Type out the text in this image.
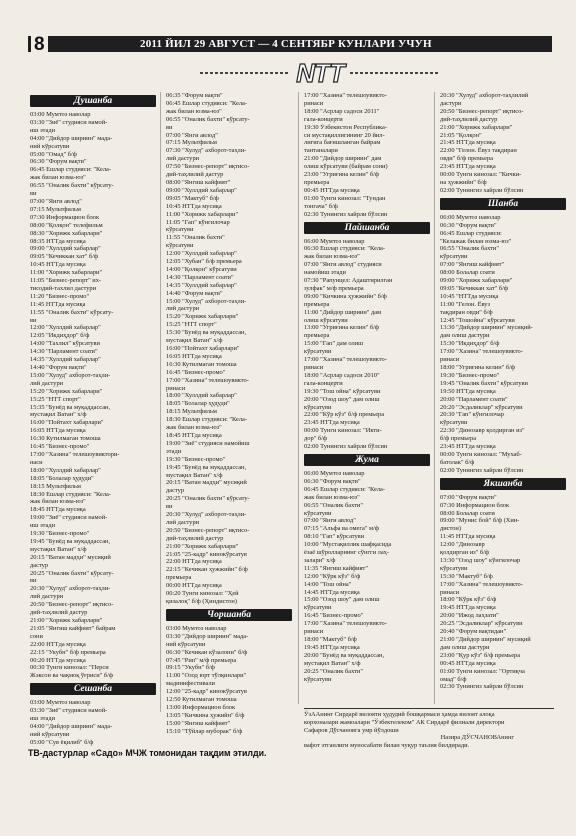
2011 ЙИЛ 29 АВГУСТ — 4 СЕНТЯБР КУНЛАРИ УЧУН
8
NTT
Душанба
03:00 Мумтоз наволар
03:30 "Зиё" студияси намой-
иш этади
04:00 "Дийдор шириин" мада-
ний кўрсатуви
05:00 "Омад" б/ф
06:30 "Форум вақти"
06:45 Ешлар студияси: "Кела-
жак билан юзма-юз"
06:55 "Оналик бахти" кўрсату-
ви
07:00 "Янги авлод"
07:15 Мультфильм
07:30 Информацион блок
08:00 "Қолқон" телефильм
08:30 "Хорижк хабарлари"
08:35 НТТда мусиқа
09:00 "Хуллдий хабарлар"
09:05 "Кечиккан хат" б/ф
10:45 НТТда мусиқа
11:00 "Хорижк хабарлари"
11:05 "Бизнес-репорт" их-
тисодий-тахлил дастури
11:20 "Бизнес-промо"
11:45 НТТда мусиқа
11:55 "Оналик бахти" кўрсату-
ви
12:00 "Хуллдий хабарлар"
12:05 "Икдиҳдор" б/ф
14:00 "Тахлил" кўрсатуви
14:30 "Парламент соати"
14:35 "Хуллдий хабарлар"
14:40 "Форум вақти"
15:00 "Хулуд" ахборот-таҳли-
лий дастури
15:20 "Хорижк хабарлари"
15:25 "НТТ спорт"
15:35 "Бунёд ва муқаддассан,
мустақил Ватан" х/ф
16:00 "Пойтахт хабарлари"
16:05 НТТда мусиқа
16:30 Кутилмаган томоша
16:45 "Бизнес-промо"
17:00 "Хазина" телешоувиктори-
наси
18:00 "Хуллдий хабарлар"
18:05 "Болалар ҳудуди"
18:15 Мультфильм
18:30 Ешлар студияси: "Кела-
жак билан юзма-юз"
18:45 НТТда мусиқа
19:00 "Зиё" студияси намой-
иш этади
19:30 "Бизнес-промо"
19:45 "Бунёд ва муқаддассан,
мустақил Ватан" х/ф
20:15 "Ватан мадҳи" мусиқий
дастур
20:25 "Оналик бахти" кўрсату-
ви
20:30 "Хулуд" ахборот-таҳли-
лий дастури
20:50 "Бизнес-репорт" иқтисо-
дий-таҳлилий дастур
21:00 "Хорижк хабарлари"
21:05 "Янгиш кайфият" байрам
сони
22:00 НТТда мусиқа
22:15 "Укубн" б/ф премьера
00:20 НТТда мусиқа
00:30 Тунги кинозал: "Перси
Жэксон ва чақмоқ ўғриси" б/ф
Сешанба
03:00 Мумтоз наволар
03:30 "Зиё" студияси намой-
иш этади
04:00 "Дийдор шириин" мада-
ний кўрсатуви
05:00 "Сув ёқилиб" б/ф
06:35 "Форум вақти"
06:45 Ешлар студияси: "Кела-
жак билан юзма-юз"
06:55 "Оналик бахти" кўрсату-
ви
07:00 "Янги авлод"
07:15 Мультфильм
07:30 "Хулуд" ахборот-таҳли-
лий дастури
07:50 "Бизнес-репорт" иқтисо-
дий-таҳлилий дастур
08:00 "Янгиш кайфият"
09:00 "Хуллдий хабарлар"
09:05 "Мактуб" б/ф
10:45 НТТда мусиқа
11:00 "Хорижк хабарлари"
11:05 "Гап" кўнгилочар
кўрсатуви
11:55 "Оналик бахти"
кўрсатуви
12:00 "Хуллдий хабарлар"
12:05 "Хубан" б/ф премьера
14:00 "Қолқон" кўрсатуви
14:30 "Парламент соати"
14:35 "Хуллдий хабарлар"
14:40 "Форум вақти"
15:00 "Хулуд" ахборот-таҳли-
лий дастури
15:20 "Хорижк хабарлари"
15:25 "НТТ спорт"
15:30 "Бунёд ва муқаддассан,
мустақил Ватан" х/ф
16:00 "Пойтахт хабарлари"
16:05 НТТда мусиқа
16:30 Кутилмаган томоша
16:45 "Бизнес-промо"
17:00 "Хазина" телешоувикто-
ринаси
18:00 "Хуллдий хабарлар"
18:05 "Болалар ҳудуди"
18:15 Мультфильм
18:30 Ешлар студияси: "Кела-
жак билан юзма-юз"
18:45 НТТда мусиқа
19:00 "Зиё" студияси намойиш
этади
19:30 "Бизнес-промо"
19:45 "Бунёд ва муқаддассан,
мустақил Ватан" х/ф
20:15 "Ватан мадҳи" мусиқий
дастур
20:25 "Оналик бахти" кўрсату-
ви
20:30 "Хулуд" ахборот-таҳли-
лий дастури
20:50 "Бизнес-репорт" иқтисо-
дий-таҳлилий дастур
21:00 "Хорижк хабарлари"
21:05 "25-кадр" кинокўрсатув
22:00 НТТда мусиқа
22:15 "Кечикан ҳужжийн" б/ф
премьера
00:00 НТТда мусиқа
00:20 Тунги кинозал: "Ҳей
қизалоқ" б/ф (Ҳиндистон)
Чоршанба
03:00 Мумтоз наволар
03:30 "Дийдор шириин" мада-
ний кўрсатуви
06:30 "Кечикан кўзалони" б/ф
07:45 "Рип" м/ф премьера
09:15 "Укубн" б/ф
11:00 "Озод юрт тўлқинлари"
мадинифестивали
12:00 "25-кадр" кинокўрсатув
12:50 Кутилмаган томоша
13:00 Информацион блок
13:05 "Кичкина ҳужийн" б/ф
15:00 "Янгиш кайфият"
15:10 "Тўйлар муборак" б/ф
17:00 "Хазина" телешоувикто-
ринаси
18:00 "Асрлар садоси 2011"
гала-концерти
19:30 Ўзбекистон Республика-
си мустақиллигининг 20 йил-
лигига бағишланган байрам
тантаналари
21:00 "Дийдор шириин" дам
олиш кўрсатуви (байрам сони)
23:00 "Угриғина келин" б/ф
премьера
00:45 НТТда мусиқа
01:00 Тунги кинозал: "Тундан
тонгача" б/ф
02:30 Тунингиз хайрли бўлсин
Пайшанба
06:00 Мумтоз наволар
06:30 Ешлар студияси: "Кела-
жак билан юзма-юз"
07:00 "Янги авлод" студияси
намойиш этади
07:30 "Рапунцел: Адаштирилган
зулфак" м/ф премьера
09:00 "Кичкина ҳужжийн" б/ф
премьера
11:00 "Дийдор шириин" дам
олиш кўрсатуви
13:00 "Угриғина келин" б/ф
премьера
15:00 "Гап" дам олиш
кўрсатуви
17:00 "Хазина" телешоувикто-
ринаси
18:00 "Асрлар садоси 2010"
гала-концерти
19:30 "Тош ойна" кўрсатуви
20:00 "Озод шоу" дам олиш
кўрсатуви
22:00 "Кўр кўз" б/ф премьера
23:45 НТТда мусиқа
00:00 Тунги кинозал: "Икти-
дор" б/ф
02:00 Тунингиз хайрли бўлсин
Жума
06:00 Мумтоз наволар
06:30 "Форум вақти"
06:45 Ешлар студияси: "Кела-
жак билан юзма-юз"
06:55 "Оналик бахти"
кўрсатуви
07:00 "Янги авлод"
07:15 "Альфа ва омега" м/ф
08:10 "Гап" кўрсатуви
10:00 "Мустақиллик шафқасида
ёзаё шўролларнинг сўнгги лаҳ-
залари" х/ф
11:35 "Янгиш кайфият"
12:00 "Кўрк кўз" б/ф
14:00 "Тош ойна"
14:45 НТТда мусиқа
15:00 "Озод шоу" дам олиш
кўрсатуви
16:45 "Бизнес-промо"
17:00 "Хазина" телешоувикто-
ринаси
18:00 "Мактуб" б/ф
19:45 НТТда мусиқа
20:00 "Бунёд ва муқаддассан,
мустақил Ватан" х/ф
20:25 "Оналик бахти"
кўрсатуви
20:30 "Хулуд" ахборот-таҳлилий
дастури
20:50 "Бизнес-репорт" иқтисо-
дий-таҳлилий дастур
21:00 "Хорижк хабарлари"
21:05 "Қолқон"
21:45 НТТда мусиқа
22:00 "Гелон. Ёвуз тақдиран
овди" б/ф премьера
23:45 НТТда мусиқа
00:00 Тунги кинозал: "Кички-
на ҳужжийн" б/ф
02:00 Тунингиз хайрли бўлсин
Шанба
06:00 Мумтоз наволар
06:30 "Форум вақти"
06:45 Ешлар студияси:
"Келажак билан юзма-юз"
06:55 "Оналик бахти"
кўрсатуви
07:00 "Янгиш кайфият"
08:00 Болалар соати
09:00 "Хорижк хабарлари"
09:05 "Кечиккан хат" б/ф
10:45 "НТТда мусиқа
11:00 "Гелон. Ёвуз
тақдиран овди" б/ф
12:45 "Тошойна" кўрсатуви
13:30 "Дийдор шириин" мусиқий-
дам олиш дастури
15:30 "Икдиҳдор" б/ф
17:00 "Хазина" телешоувикто-
ринаси
18:00 "Угриғина келин" б/ф
19:30 "Бизнес-промо"
19:45 "Оналик бахти" кўрсатуви
19:50 НТТда мусиқа
20:00 "Парламент соати"
20:20 "Эсдаликлар" кўрсатуви
20:30 "Гап" кўнгилочар
кўрсатуви
22:30 "Динозавр қолдирган из"
б/ф премьера
23:45 НТТда мусиқа
00:00 Тунги кинозал: "Мухаб-
батолак" б/ф
02:00 Тунингиз хайрли бўлсин
Якшанба
07:00 "Форум вақти"
07:30 Информацион блок
08:00 Болалар соати
09:00 "Мунис бой" б/ф (Хин-
дистон)
11:45 НТТда мусиқа
12:00 "Динозавр
қолдирган из" б/ф
13:30 "Озод шоу" кўнгилочар
кўрсатуви
15:30 "Мактуб" б/ф
17:00 "Хазина" телешоувикто-
ринаси
18:00 "Кўрк кўз" б/ф
19:45 НТТда мусиқа
20:00 "Ижод лаҳзати"
20:25 "Эсдаликлар" кўрсатуви
20:40 "Форум вақтидан"
21:00 "Дийдор шириин" мусиқий
дам олиш дастури
23:00 "Қур кўз" б/ф премьера
00:45 НТТда мусиқа
01:00 Тунги кинозал: "Ортиқча
омад" б/ф
02:30 Тунингиз хайрли бўлсин
ЎзААнинг Сирдарё вилояти ҳудудий бошқармаси ҳамда вилоят алоқа
корхоналари жамоалари "Ўзбектелеком" АК Сирдарё филиали директори
Сафаров Дўсчановга умр йўлдоши
Назира ДЎСЧАНОВАнинг
вафот этганлиги муносабати билан чуқур таъзия билдиради.
ТВ-дастурлар «Садо» МЧЖ томонидан тақдим этилди.
